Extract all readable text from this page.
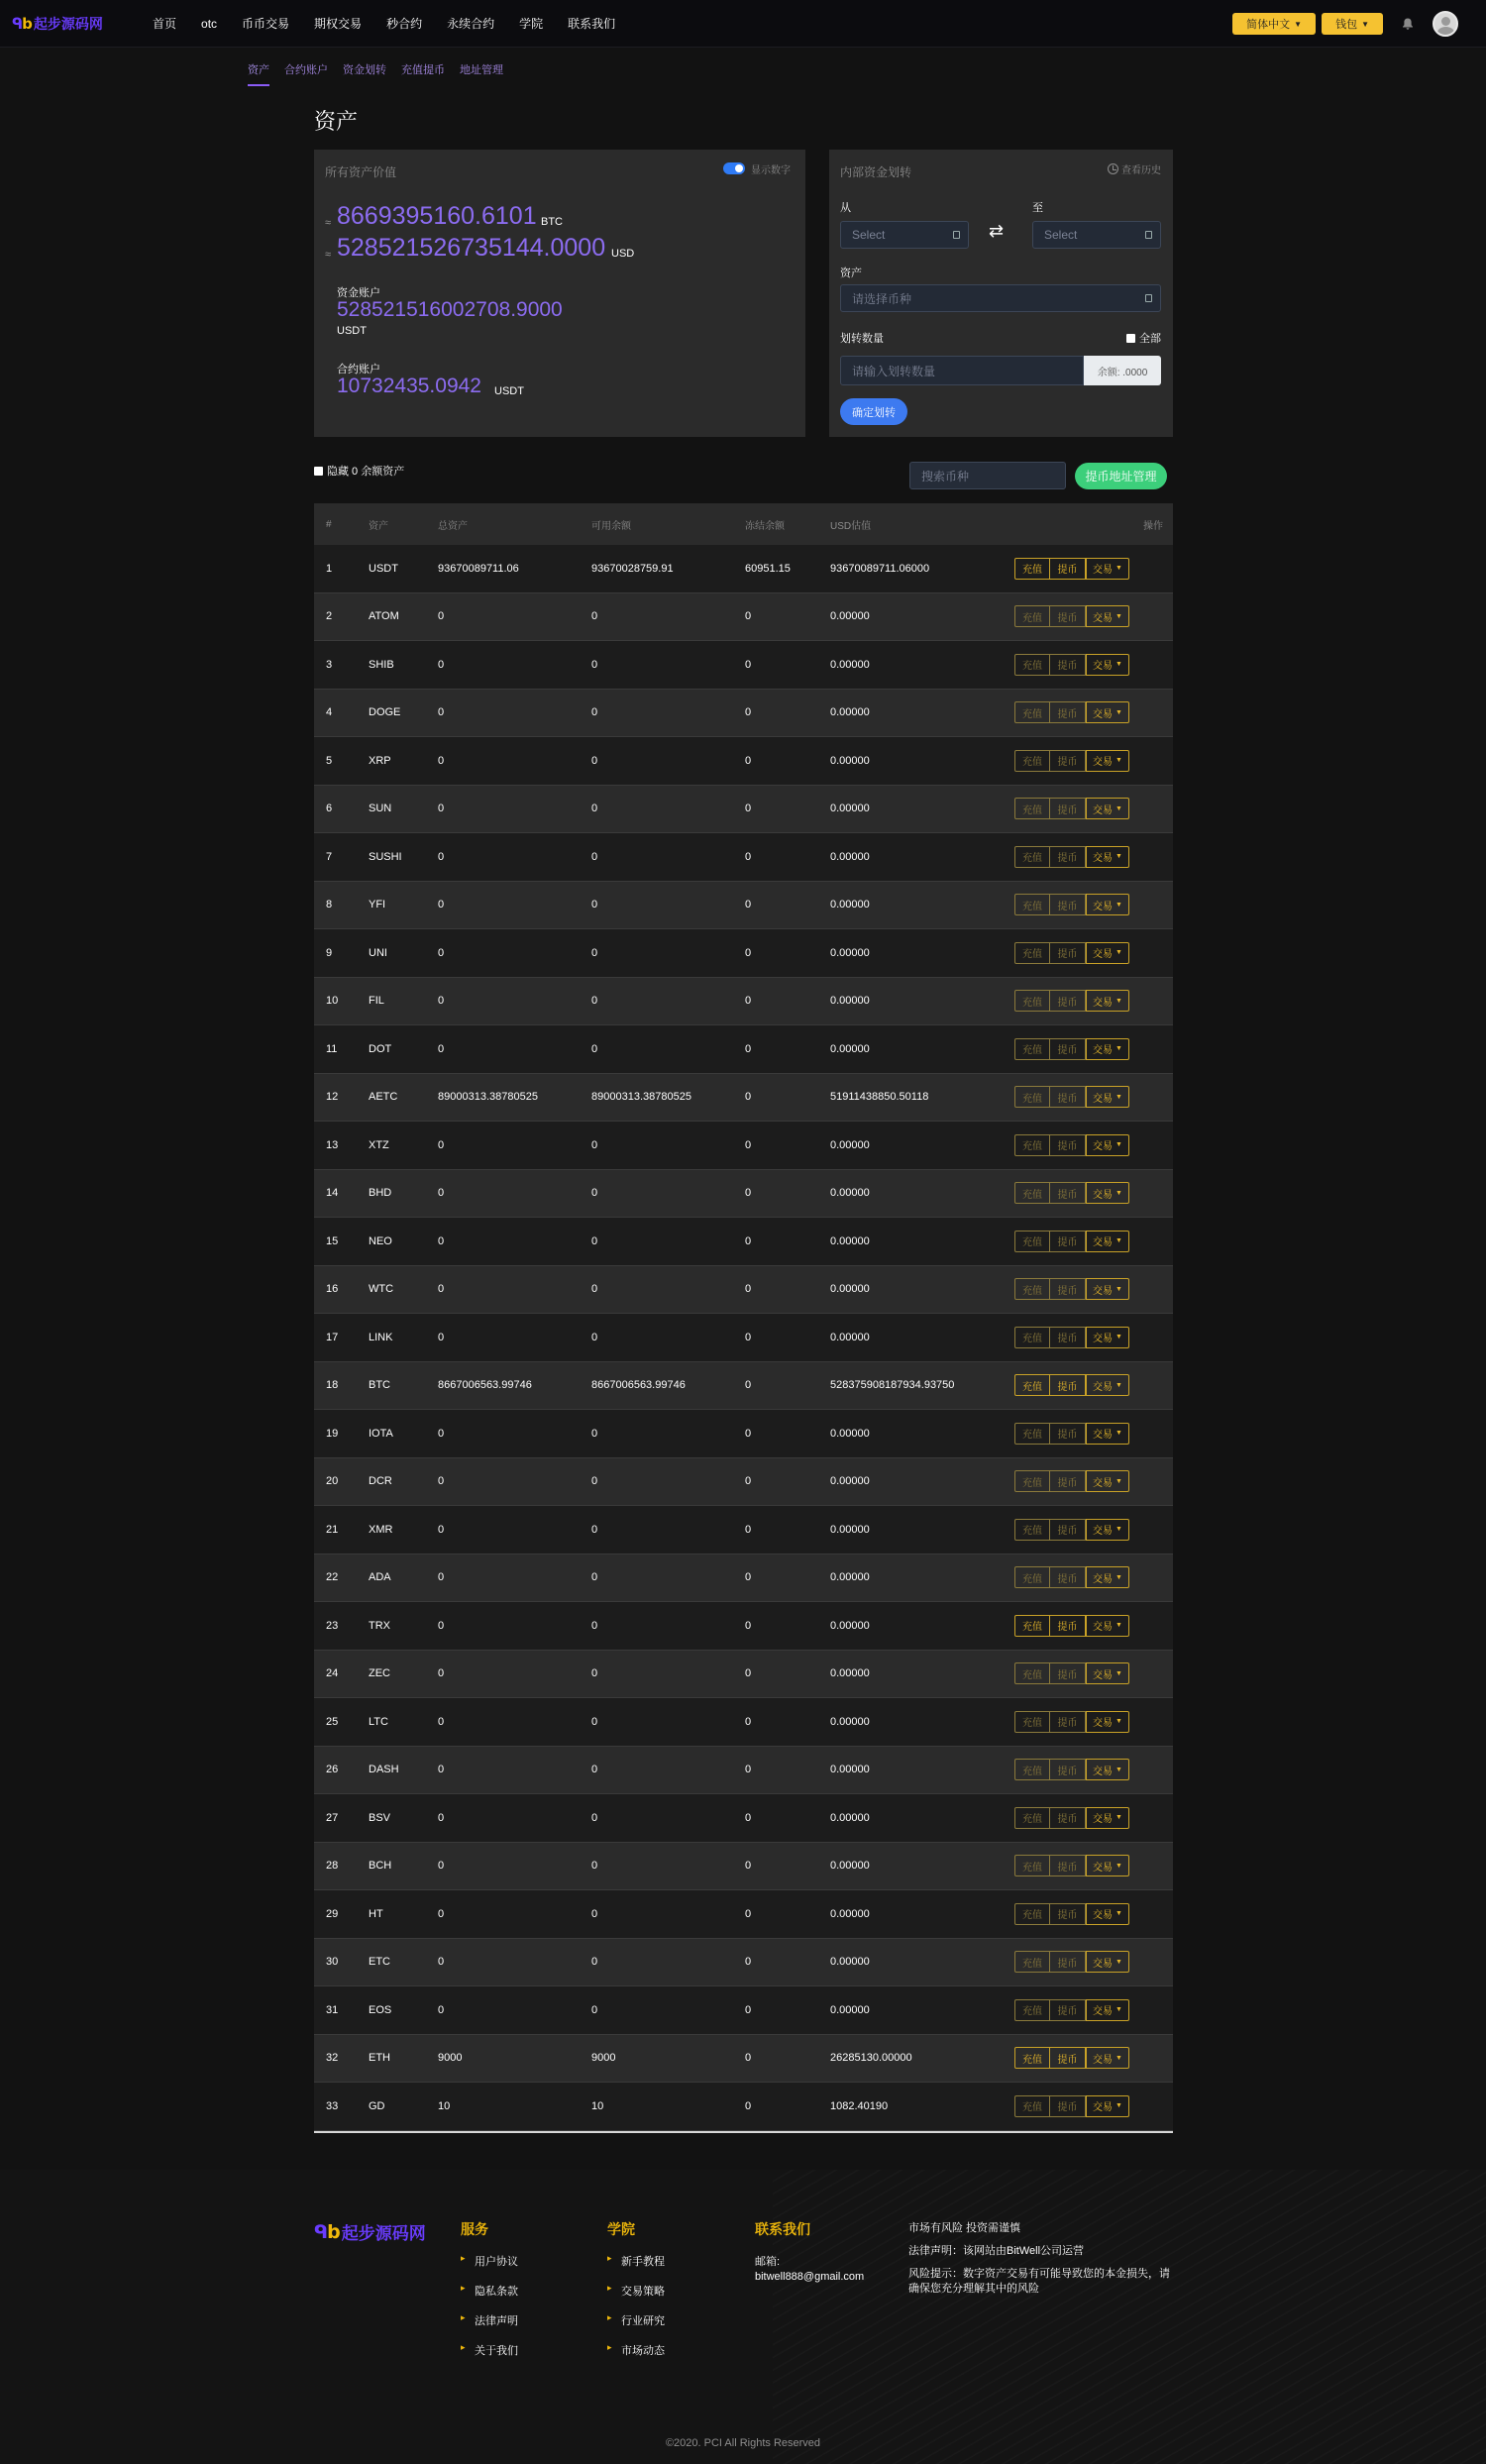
ᑫb 起步源码网	首页 otc 币币交易 期权交易 秒合约 永续合约 学院 联系我们	简体中文 ▼	钱包 ▼
资产 合约账户 资金划转 充值提币 地址管理
资产
所有资产价值	显示数字
≈ 8669395160.6101 BTC
≈ 528521526735144.0000 USD
资金账户
528521516002708.9000
USDT
合约账户
10732435.0942 USDT
内部资金划转	查看历史
从	至
Select	⇄	Select
资产
请选择币种
划转数量	全部
请输入划转数量	余额: .0000
确定划转
隐藏 0 余额资产	搜索币种	提币地址管理
#	资产	总资产	可用余额	冻结余额	USD估值	操作
1	USDT	93670089711.06	93670028759.91	60951.15	93670089711.06000	充值	提币	交易 ▼
2	ATOM	0	0	0	0.00000	充值	提币	交易 ▼
3	SHIB	0	0	0	0.00000	充值	提币	交易 ▼
4	DOGE	0	0	0	0.00000	充值	提币	交易 ▼
5	XRP	0	0	0	0.00000	充值	提币	交易 ▼
6	SUN	0	0	0	0.00000	充值	提币	交易 ▼
7	SUSHI	0	0	0	0.00000	充值	提币	交易 ▼
8	YFI	0	0	0	0.00000	充值	提币	交易 ▼
9	UNI	0	0	0	0.00000	充值	提币	交易 ▼
10	FIL	0	0	0	0.00000	充值	提币	交易 ▼
11	DOT	0	0	0	0.00000	充值	提币	交易 ▼
12	AETC	89000313.38780525	89000313.38780525	0	51911438850.50118	充值	提币	交易 ▼
13	XTZ	0	0	0	0.00000	充值	提币	交易 ▼
14	BHD	0	0	0	0.00000	充值	提币	交易 ▼
15	NEO	0	0	0	0.00000	充值	提币	交易 ▼
16	WTC	0	0	0	0.00000	充值	提币	交易 ▼
17	LINK	0	0	0	0.00000	充值	提币	交易 ▼
18	BTC	8667006563.99746	8667006563.99746	0	528375908187934.93750	充值	提币	交易 ▼
19	IOTA	0	0	0	0.00000	充值	提币	交易 ▼
20	DCR	0	0	0	0.00000	充值	提币	交易 ▼
21	XMR	0	0	0	0.00000	充值	提币	交易 ▼
22	ADA	0	0	0	0.00000	充值	提币	交易 ▼
23	TRX	0	0	0	0.00000	充值	提币	交易 ▼
24	ZEC	0	0	0	0.00000	充值	提币	交易 ▼
25	LTC	0	0	0	0.00000	充值	提币	交易 ▼
26	DASH	0	0	0	0.00000	充值	提币	交易 ▼
27	BSV	0	0	0	0.00000	充值	提币	交易 ▼
28	BCH	0	0	0	0.00000	充值	提币	交易 ▼
29	HT	0	0	0	0.00000	充值	提币	交易 ▼
30	ETC	0	0	0	0.00000	充值	提币	交易 ▼
31	EOS	0	0	0	0.00000	充值	提币	交易 ▼
32	ETH	9000	9000	0	26285130.00000	充值	提币	交易 ▼
33	GD	10	10	0	1082.40190	充值	提币	交易 ▼
ᑫb 起步源码网	服务
▸ 用户协议
▸ 隐私条款
▸ 法律声明
▸ 关于我们
学院
▸ 新手教程
▸ 交易策略
▸ 行业研究
▸ 市场动态
联系我们
邮箱:
bitwell888@gmail.com
市场有风险 投资需谨慎
法律声明：该网站由BitWell公司运营
风险提示：数字资产交易有可能导致您的本金损失，请确保您充分理解其中的风险
©2020. PCI All Rights Reserved
